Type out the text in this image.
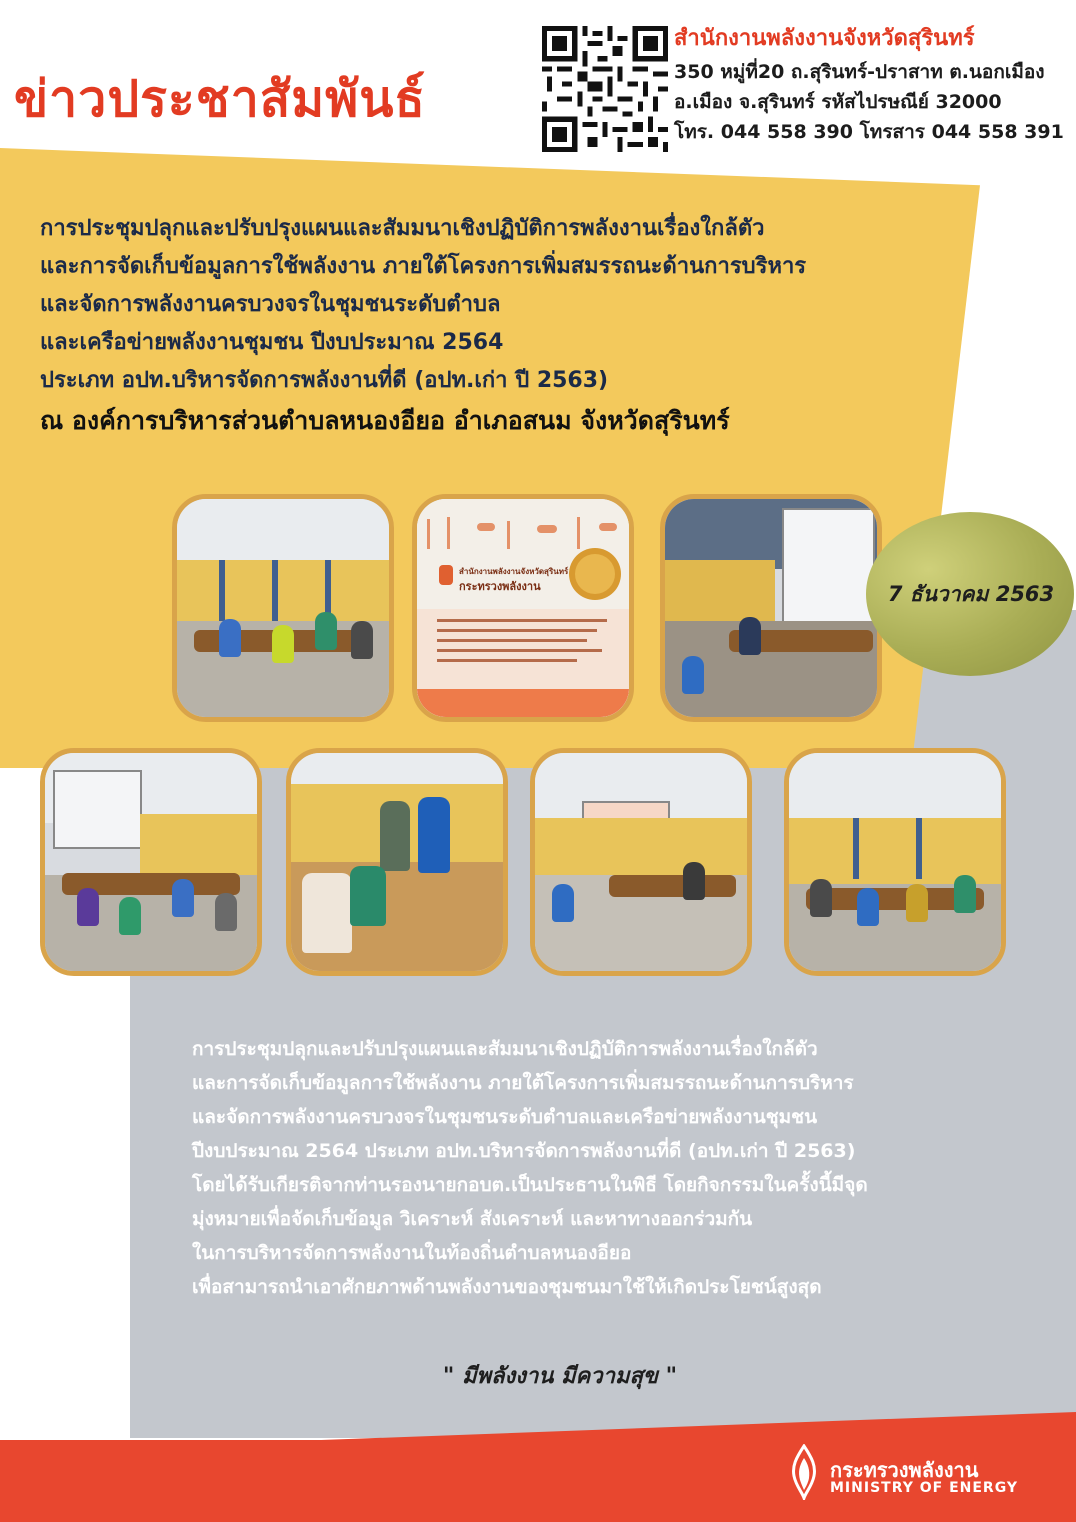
ข่าวประชาสัมพันธ์
สำนักงานพลังงานจังหวัดสุรินทร์
350 หมู่ที่20 ถ.สุรินทร์-ปราสาท ต.นอกเมือง
อ.เมือง จ.สุรินทร์ รหัสไปรษณีย์ 32000
โทร. 044 558 390 โทรสาร 044 558 391
การประชุมปลุกและปรับปรุงแผนและสัมมนาเชิงปฏิบัติการพลังงานเรื่องใกล้ตัว
และการจัดเก็บข้อมูลการใช้พลังงาน ภายใต้โครงการเพิ่มสมรรถนะด้านการบริหาร
และจัดการพลังงานครบวงจรในชุมชนระดับตำบล
และเครือข่ายพลังงานชุมชน ปีงบประมาณ 2564
ประเภท อปท.บริหารจัดการพลังงานที่ดี (อปท.เก่า ปี 2563)
ณ องค์การบริหารส่วนตำบลหนองอียอ อำเภอสนม จังหวัดสุรินทร์
สำนักงานพลังงานจังหวัดสุรินทร์
กระทรวงพลังงาน	7 ธันวาคม 2563
การประชุมปลุกและปรับปรุงแผนและสัมมนาเชิงปฏิบัติการพลังงานเรื่องใกล้ตัว
และการจัดเก็บข้อมูลการใช้พลังงาน ภายใต้โครงการเพิ่มสมรรถนะด้านการบริหาร
และจัดการพลังงานครบวงจรในชุมชนระดับตำบลและเครือข่ายพลังงานชุมชน
ปีงบประมาณ 2564 ประเภท อปท.บริหารจัดการพลังงานที่ดี (อปท.เก่า ปี 2563)
โดยได้รับเกียรติจากท่านรองนายกอบต.เป็นประธานในพิธี โดยกิจกรรมในครั้งนี้มีจุด
มุ่งหมายเพื่อจัดเก็บข้อมูล วิเคราะห์ สังเคราะห์ และหาทางออกร่วมกัน
ในการบริหารจัดการพลังงานในท้องถิ่นตำบลหนองอียอ
เพื่อสามารถนำเอาศักยภาพด้านพลังงานของชุมชนมาใช้ให้เกิดประโยชน์สูงสุด
" มีพลังงาน มีความสุข "
กระทรวงพลังงาน
MINISTRY OF ENERGY
